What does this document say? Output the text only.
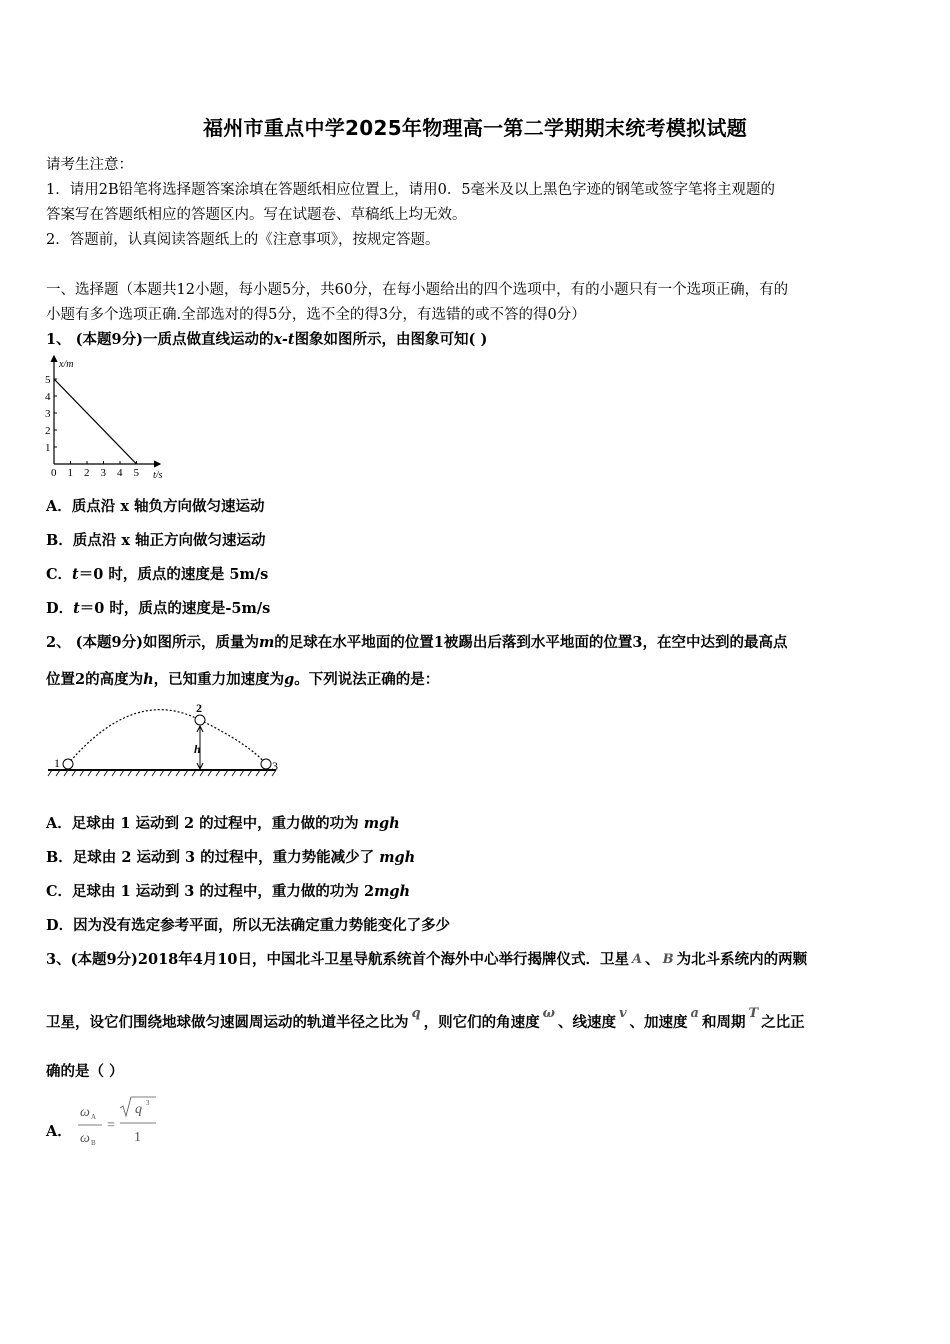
福州市重点中学2025年物理高一第二学期期末统考模拟试题
请考生注意：
1．请用2B铅笔将选择题答案涂填在答题纸相应位置上，请用0．5毫米及以上黑色字迹的钢笔或签字笔将主观题的
答案写在答题纸相应的答题区内。写在试题卷、草稿纸上均无效。
2．答题前，认真阅读答题纸上的《注意事项》，按规定答题。
一、选择题（本题共12小题，每小题5分，共60分，在每小题给出的四个选项中，有的小题只有一个选项正确，有的
小题有多个选项正确.全部选对的得5分，选不全的得3分，有选错的或不答的得0分）
1、 (本题9分)一质点做直线运动的x-t图象如图所示，由图象可知( )
x/m
t/s
1
2
3
4
5
0 1 2 3 4 5
A．质点沿 x 轴负方向做匀速运动
B．质点沿 x 轴正方向做匀速运动
C．t＝0 时，质点的速度是 5m/s
D．t＝0 时，质点的速度是-5m/s
2、 (本题9分)如图所示，质量为m的足球在水平地面的位置1被踢出后落到水平地面的位置3，在空中达到的最高点
位置2的高度为h，已知重力加速度为g。下列说法正确的是：
1
2
3
h
A．足球由 1 运动到 2 的过程中，重力做的功为 mgh
B．足球由 2 运动到 3 的过程中，重力势能减少了 mgh
C．足球由 1 运动到 3 的过程中，重力做的功为 2mgh
D．因为没有选定参考平面，所以无法确定重力势能变化了多少
3、(本题9分)2018年4月10日，中国北斗卫星导航系统首个海外中心举行揭牌仪式．卫星 A 、 B 为北斗系统内的两颗
卫星，设它们围绕地球做匀速圆周运动的轨道半径之比为q，则它们的角速度ω、线速度v、加速度a和周期T之比正
确的是（ ）
A．
ω A
ω B
=
q 3
1
